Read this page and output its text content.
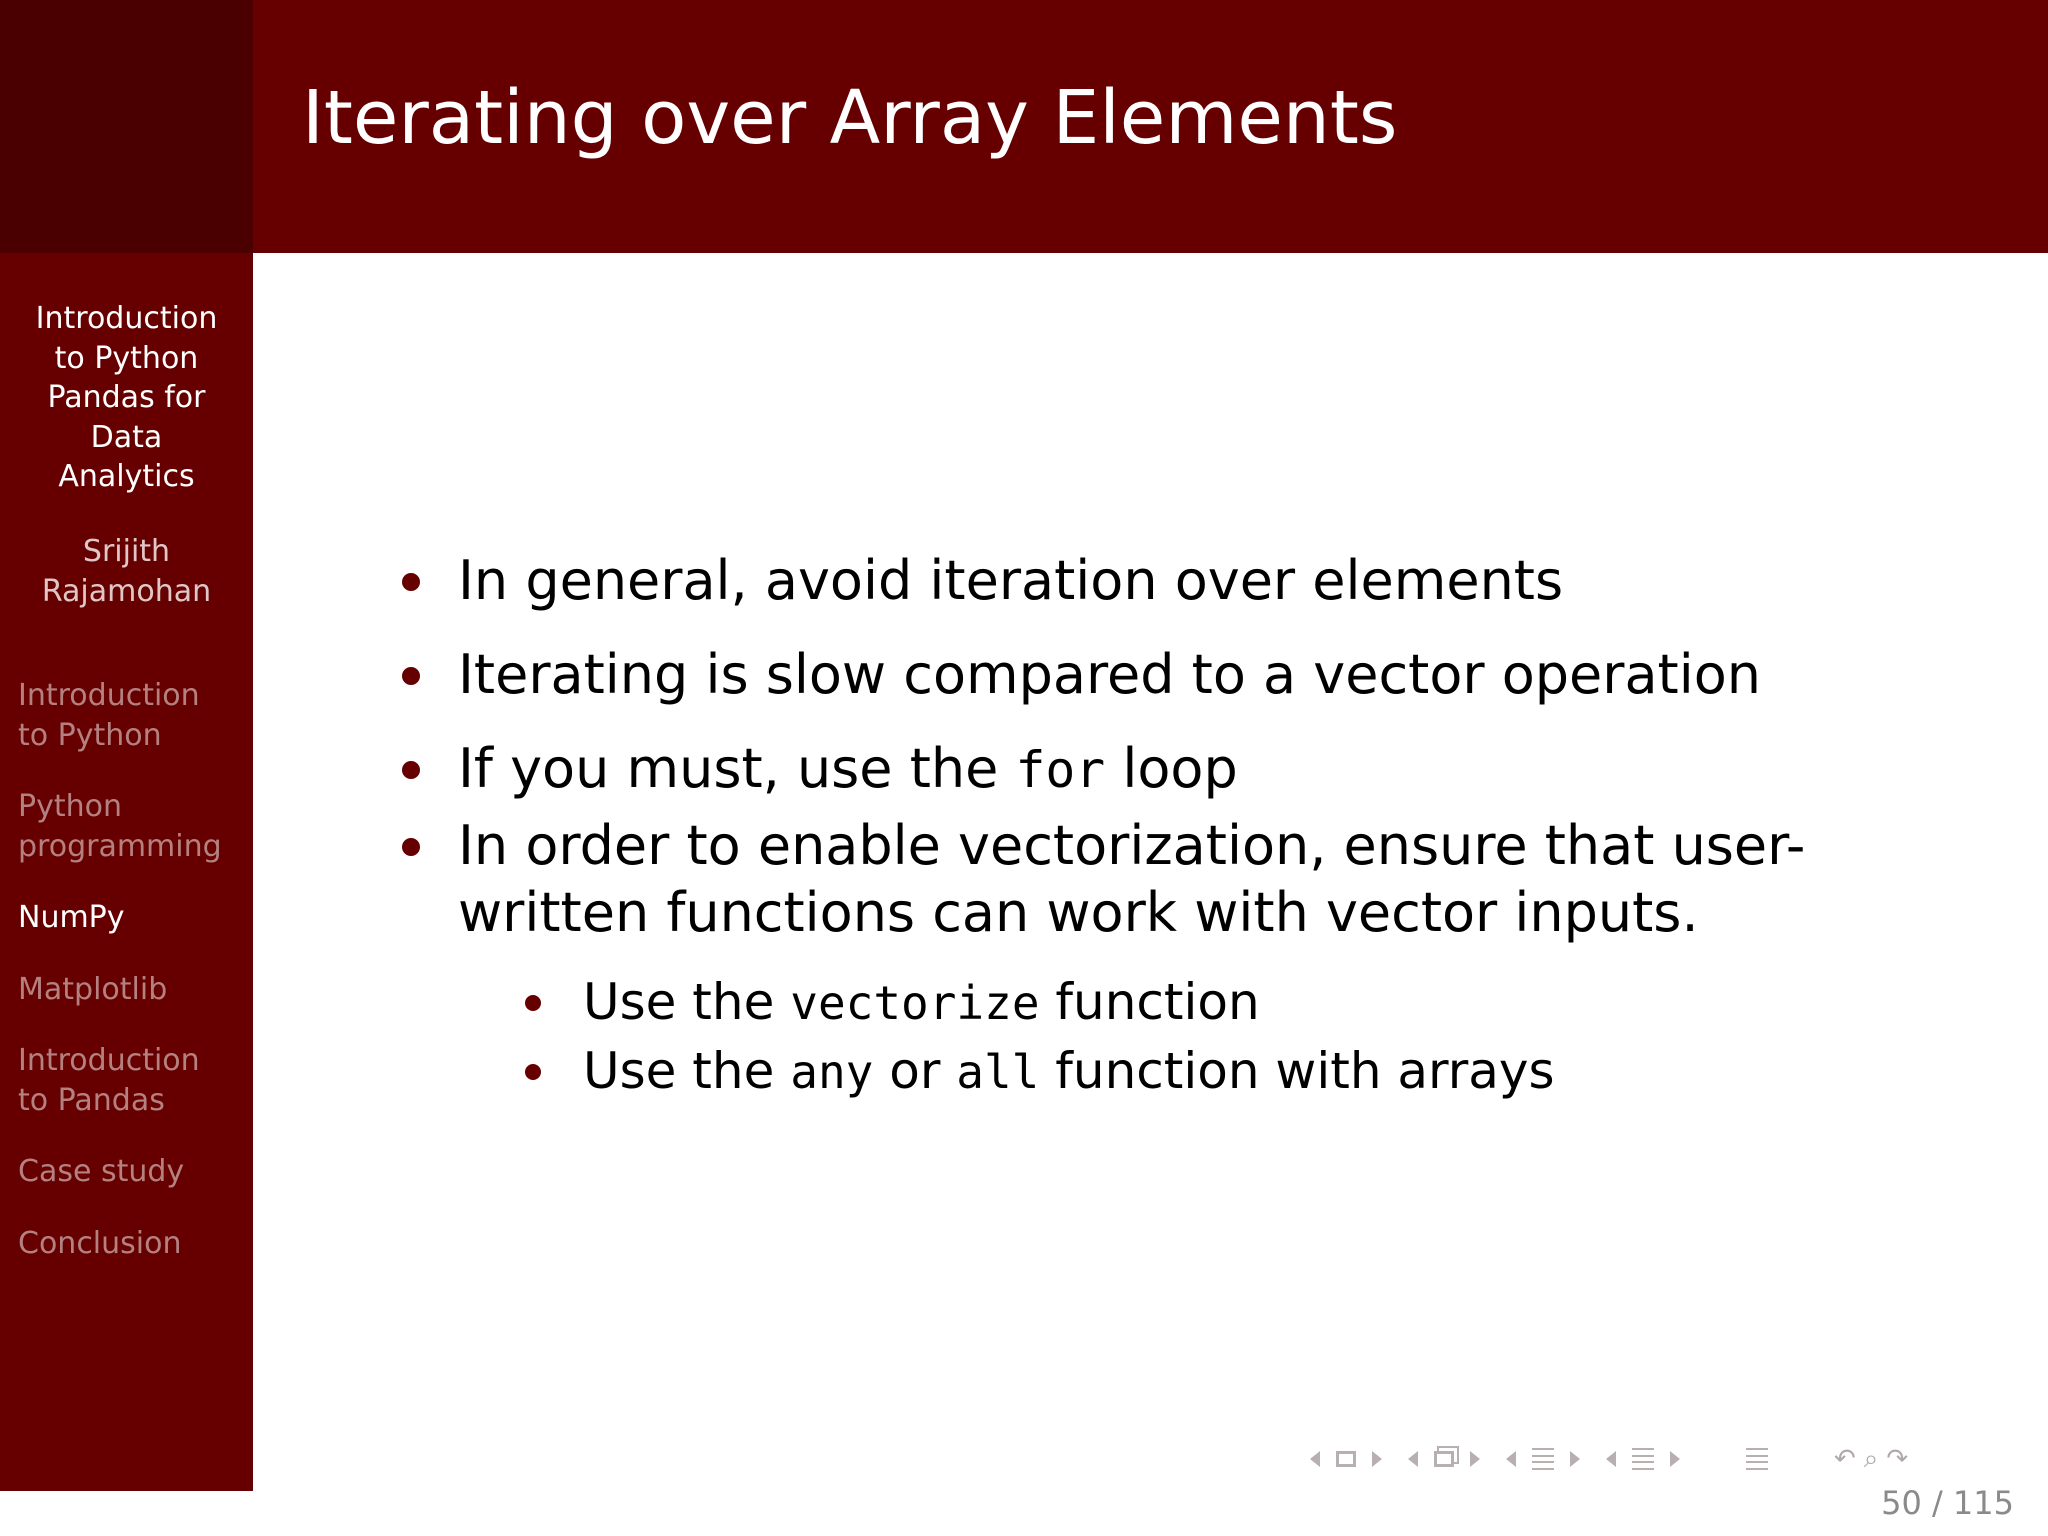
Iterating over Array Elements
Introduction
to Python
Pandas for
Data
Analytics
Srijith
Rajamohan
Introduction
to Python
Python
programming
NumPy
Matplotlib
Introduction
to Pandas
Case study
Conclusion
In general, avoid iteration over elements
Iterating is slow compared to a vector operation
If you must, use the for loop
In order to enable vectorization, ensure that user-written functions can work with vector inputs.
Use the vectorize function
Use the any or all function with arrays
↶ ⌕ ↷
50 / 115
